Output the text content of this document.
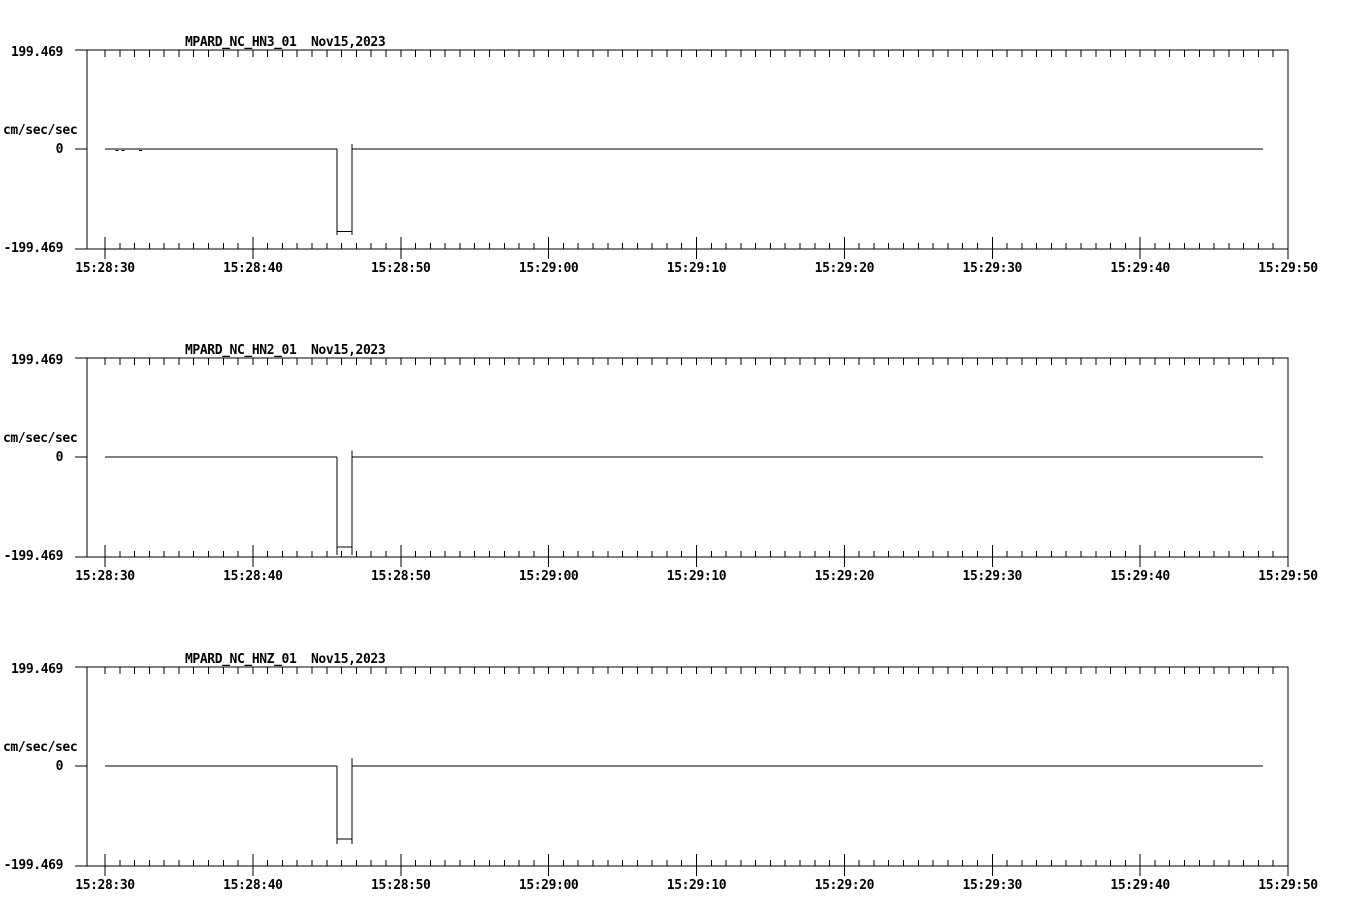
15:28:30	15:28:40	15:28:50	15:29:00	15:29:10	15:29:20	15:29:30	15:29:40	15:29:50
199.469
0
-199.469
cm/sec/sec
MPARD_NC_HN3_01 Nov15,2023
15:28:30	15:28:40	15:28:50	15:29:00	15:29:10	15:29:20	15:29:30	15:29:40	15:29:50
199.469
0
-199.469
cm/sec/sec
MPARD_NC_HN2_01 Nov15,2023
15:28:30	15:28:40	15:28:50	15:29:00	15:29:10	15:29:20	15:29:30	15:29:40	15:29:50
199.469
0
-199.469
cm/sec/sec
MPARD_NC_HNZ_01 Nov15,2023
